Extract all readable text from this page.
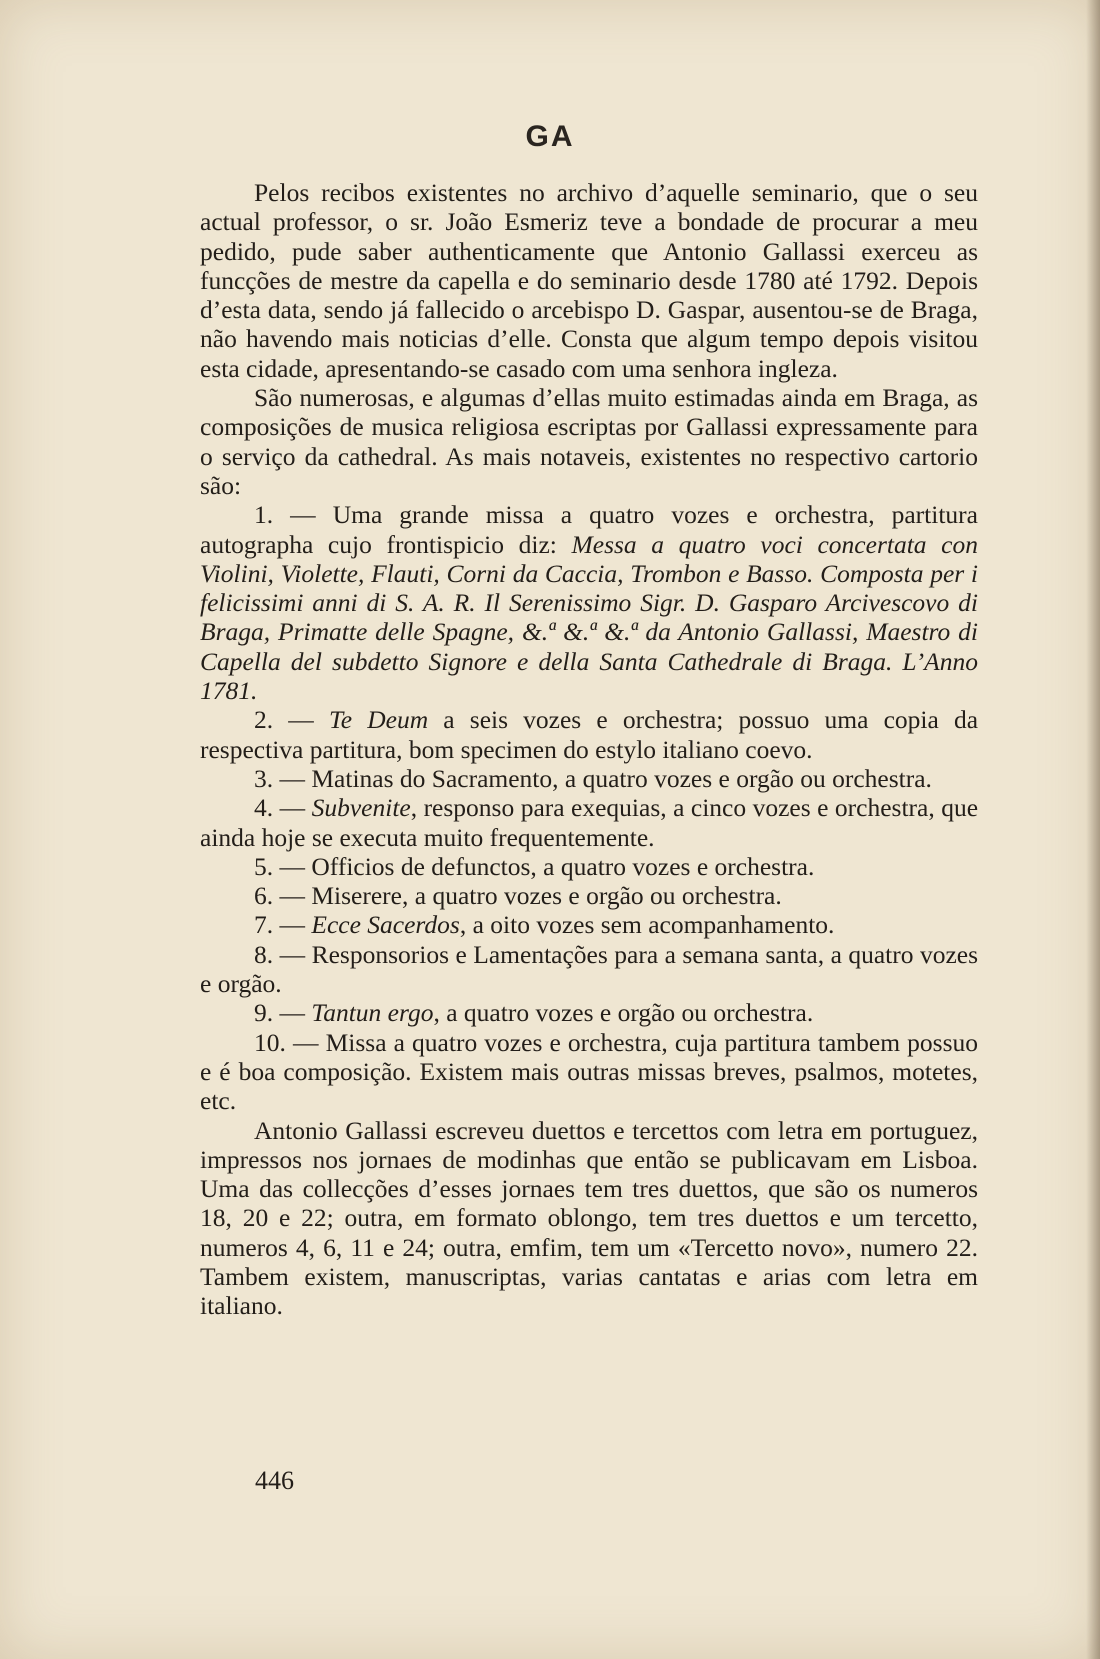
GA

Pelos recibos existentes no archivo d’aquelle seminario, que o seu actual professor, o sr. João Esmeriz teve a bondade de procurar a meu pedido, pude saber authenticamente que Antonio Gallassi exerceu as funcções de mestre da capella e do seminario desde 1780 até 1792. Depois d’esta data, sendo já fallecido o arcebispo D. Gaspar, ausentou-se de Braga, não havendo mais noticias d’elle. Consta que algum tempo depois visitou esta cidade, apresentando-se casado com uma senhora ingleza.

São numerosas, e algumas d’ellas muito estimadas ainda em Braga, as composições de musica religiosa escriptas por Gallassi expressamente para o serviço da cathedral. As mais notaveis, existentes no respectivo cartorio são:

1. — Uma grande missa a quatro vozes e orchestra, partitura autographa cujo frontispicio diz: Messa a quatro voci concertata con Violini, Violette, Flauti, Corni da Caccia, Trombon e Basso. Composta per i felicissimi anni di S. A. R. Il Serenissimo Sigr. D. Gasparo Arcivescovo di Braga, Primatte delle Spagne, &.ª &.ª &.ª da Antonio Gallassi, Maestro di Capella del subdetto Signore e della Santa Cathedrale di Braga. L’Anno 1781.

2. — Te Deum a seis vozes e orchestra; possuo uma copia da respectiva partitura, bom specimen do estylo italiano coevo.

3. — Matinas do Sacramento, a quatro vozes e orgão ou orchestra.

4. — Subvenite, responso para exequias, a cinco vozes e orchestra, que ainda hoje se executa muito frequentemente.

5. — Officios de defunctos, a quatro vozes e orchestra.

6. — Miserere, a quatro vozes e orgão ou orchestra.

7. — Ecce Sacerdos, a oito vozes sem acompanhamento.

8. — Responsorios e Lamentações para a semana santa, a quatro vozes e orgão.

9. — Tantun ergo, a quatro vozes e orgão ou orchestra.

10. — Missa a quatro vozes e orchestra, cuja partitura tambem possuo e é boa composição. Existem mais outras missas breves, psalmos, motetes, etc.

Antonio Gallassi escreveu duettos e tercettos com letra em portuguez, impressos nos jornaes de modinhas que então se publicavam em Lisboa. Uma das collecções d’esses jornaes tem tres duettos, que são os numeros 18, 20 e 22; outra, em formato oblongo, tem tres duettos e um tercetto, numeros 4, 6, 11 e 24; outra, emfim, tem um «Tercetto novo», numero 22. Tambem existem, manuscriptas, varias cantatas e arias com letra em italiano.

446
